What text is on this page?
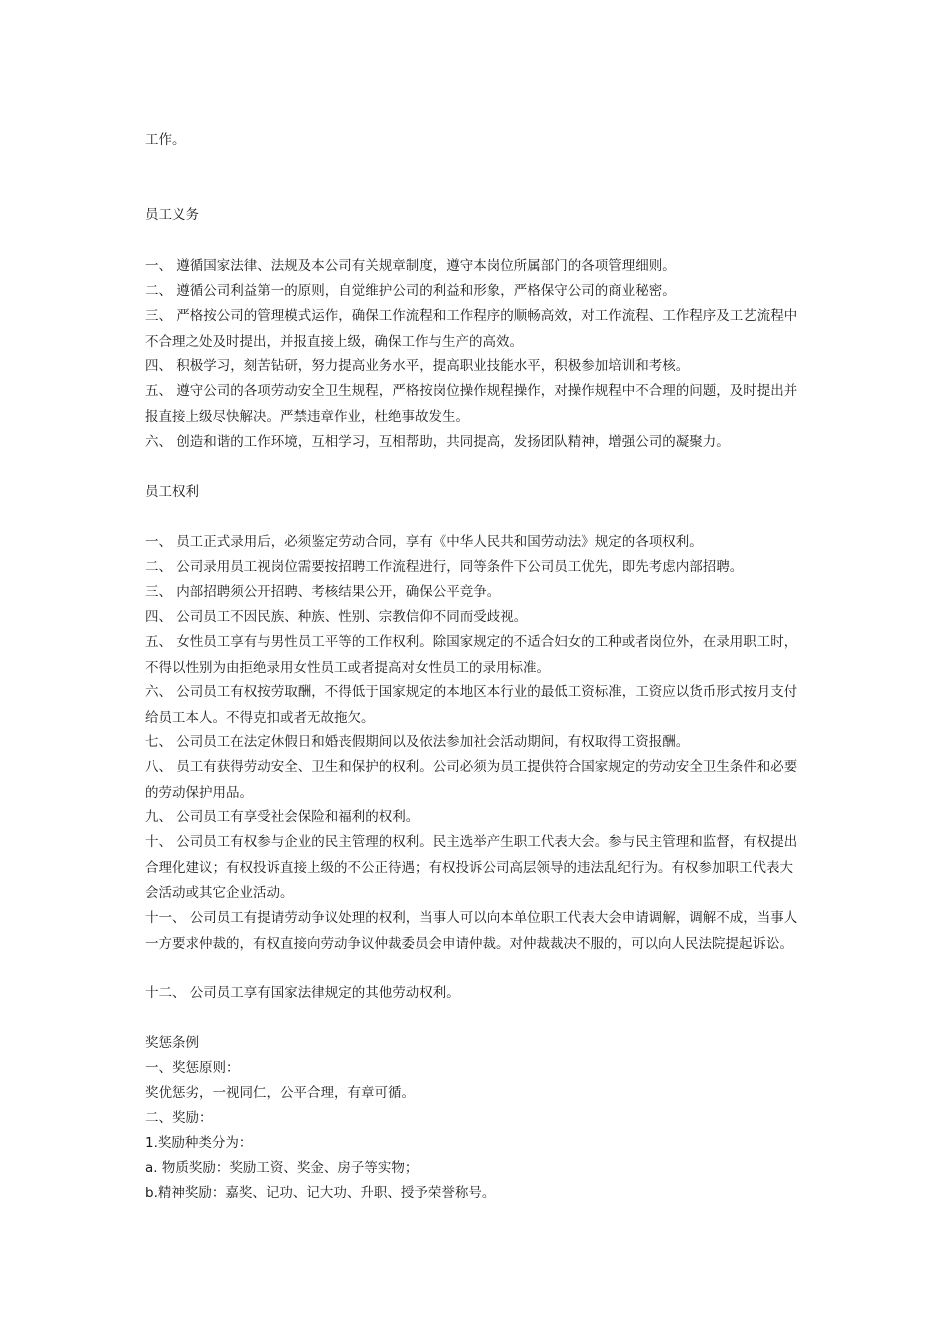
工作。
员工义务
一、 遵循国家法律、法规及本公司有关规章制度，遵守本岗位所属部门的各项管理细则。
二、 遵循公司利益第一的原则，自觉维护公司的利益和形象，严格保守公司的商业秘密。
三、 严格按公司的管理模式运作，确保工作流程和工作程序的顺畅高效，对工作流程、工作程序及工艺流程中不合理之处及时提出，并报直接上级，确保工作与生产的高效。
四、 积极学习，刻苦钻研，努力提高业务水平，提高职业技能水平，积极参加培训和考核。
五、 遵守公司的各项劳动安全卫生规程，严格按岗位操作规程操作，对操作规程中不合理的问题，及时提出并报直接上级尽快解决。严禁违章作业，杜绝事故发生。
六、 创造和谐的工作环境，互相学习，互相帮助，共同提高，发扬团队精神，增强公司的凝聚力。
员工权利
一、 员工正式录用后，必须鉴定劳动合同，享有《中华人民共和国劳动法》规定的各项权利。
二、 公司录用员工视岗位需要按招聘工作流程进行，同等条件下公司员工优先，即先考虑内部招聘。
三、 内部招聘须公开招聘、考核结果公开，确保公平竞争。
四、 公司员工不因民族、种族、性别、宗教信仰不同而受歧视。
五、 女性员工享有与男性员工平等的工作权利。除国家规定的不适合妇女的工种或者岗位外，在录用职工时，不得以性别为由拒绝录用女性员工或者提高对女性员工的录用标准。
六、 公司员工有权按劳取酬，不得低于国家规定的本地区本行业的最低工资标准，工资应以货币形式按月支付给员工本人。不得克扣或者无故拖欠。
七、 公司员工在法定休假日和婚丧假期间以及依法参加社会活动期间，有权取得工资报酬。
八、 员工有获得劳动安全、卫生和保护的权利。公司必须为员工提供符合国家规定的劳动安全卫生条件和必要的劳动保护用品。
九、 公司员工有享受社会保险和福利的权利。
十、 公司员工有权参与企业的民主管理的权利。民主选举产生职工代表大会。参与民主管理和监督，有权提出合理化建议；有权投诉直接上级的不公正待遇；有权投诉公司高层领导的违法乱纪行为。有权参加职工代表大会活动或其它企业活动。
十一、 公司员工有提请劳动争议处理的权利，当事人可以向本单位职工代表大会申请调解，调解不成，当事人一方要求仲裁的，有权直接向劳动争议仲裁委员会申请仲裁。对仲裁裁决不服的，可以向人民法院提起诉讼。
十二、 公司员工享有国家法律规定的其他劳动权利。
奖惩条例
一、奖惩原则：
奖优惩劣，一视同仁，公平合理，有章可循。
二、奖励：
1.奖励种类分为：
a. 物质奖励：奖励工资、奖金、房子等实物；
b.精神奖励：嘉奖、记功、记大功、升职、授予荣誉称号。
